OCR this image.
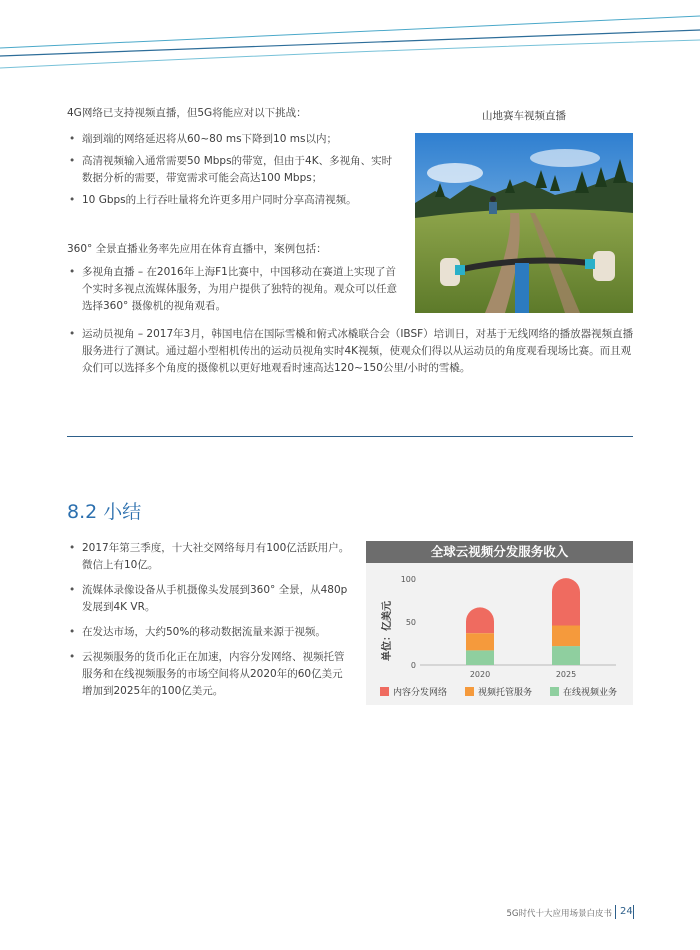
4G网络已支持视频直播，但5G将能应对以下挑战：
• 端到端的网络延迟将从60~80 ms下降到10 ms以内；
• 高清视频输入通常需要50 Mbps的带宽，但由于4K、多视角、实时数据分析的需要，带宽需求可能会高达100 Mbps；
• 10 Gbps的上行吞吐量将允许更多用户同时分享高清视频。
360° 全景直播业务率先应用在体育直播中，案例包括：
• 多视角直播 – 在2016年上海F1比赛中，中国移动在赛道上实现了首个实时多视点流媒体服务，为用户提供了独特的视角。观众可以任意选择360° 摄像机的视角观看。
• 运动员视角 – 2017年3月，韩国电信在国际雪橇和俯式冰橇联合会（IBSF）培训日，对基于无线网络的播放器视频直播服务进行了测试。通过超小型相机传出的运动员视角实时4K视频，使观众们得以从运动员的角度观看现场比赛。而且观众们可以选择多个角度的摄像机以更好地观看时速高达120~150公里/小时的雪橇。
山地赛车视频直播
8.2 小结
• 2017年第三季度，十大社交网络每月有100亿活跃用户。微信上有10亿。
• 流媒体录像设备从手机摄像头发展到360° 全景，从480p发展到4K VR。
• 在发达市场，大约50%的移动数据流量来源于视频。
• 云视频服务的货币化正在加速，内容分发网络、视频托管服务和在线视频服务的市场空间将从2020年的60亿美元增加到2025年的100亿美元。
全球云视频分发服务收入
单位：亿美元
0
50
100
2020	2025
内容分发网络	视频托管服务	在线视频业务
5G时代十大应用场景白皮书 24
